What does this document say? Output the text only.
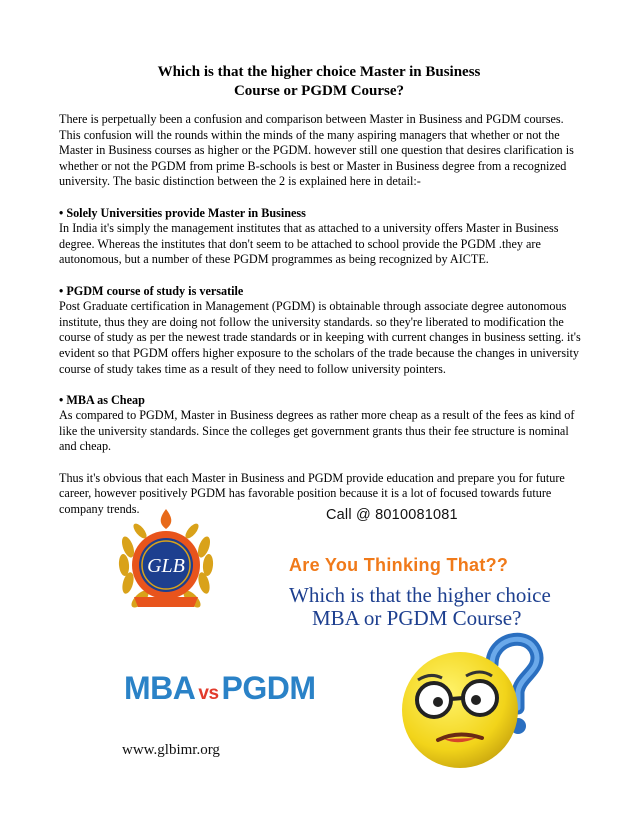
Which is that the higher choice Master in Business
Course or PGDM Course?

There is perpetually been a confusion and comparison between Master in Business and PGDM courses. This confusion will the rounds within the minds of the many aspiring managers that whether or not the Master in Business courses as higher or the PGDM. however still one question that desires clarification is whether or not the PGDM from prime B-schools is best or Master in Business degree from a recognized university. The basic distinction between the 2 is explained here in detail:-

• Solely Universities provide Master in Business
In India it's simply the management institutes that as attached to a university offers Master in Business degree. Whereas the institutes that don't seem to be attached to school provide the PGDM .they are autonomous, but a number of these PGDM programmes as being recognized by AICTE.

• PGDM course of study is versatile
Post Graduate certification in Management (PGDM) is obtainable through associate degree autonomous institute, thus they are doing not follow the university standards. so they're liberated to modification the course of study as per the newest trade standards or in keeping with current changes in business setting. it's evident so that PGDM offers higher exposure to the scholars of the trade because the changes in university course of study takes time as a result of they need to follow university pointers.

• MBA as Cheap
As compared to PGDM, Master in Business degrees as rather more cheap as a result of the fees as kind of like the university standards. Since the colleges get government grants thus their fee structure is nominal and cheap.

Thus it's obvious that each Master in Business and PGDM provide education and prepare you for future career, however positively PGDM has favorable position because it is a lot of focused towards future company trends.

GLB
Call @ 8010081081
Are You Thinking That??
Which is that the higher choice
MBA or PGDM Course?
MBA vsPGDM
www.glbimr.org
